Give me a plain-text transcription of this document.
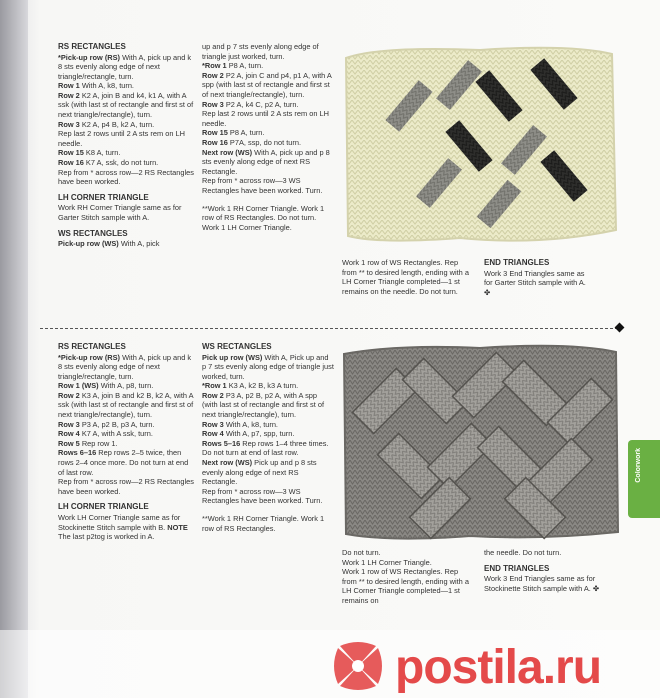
RS RECTANGLES

*Pick-up row (RS) With A, pick up and k 8 sts evenly along edge of next triangle/rectangle, turn.

Row 1 With A, k8, turn.

Row 2 K2 A, join B and k4, k1 A, with A ssk (with last st of rectangle and first st of next triangle/rectangle), turn.

Row 3 K2 A, p4 B, k2 A, turn.

Rep last 2 rows until 2 A sts rem on LH needle.

Row 15 K8 A, turn.

Row 16 K7 A, ssk, do not turn.

Rep from * across row—2 RS Rectangles have been worked.

LH CORNER TRIANGLE

Work RH Corner Triangle same as for Garter Stitch sample with A.

WS RECTANGLES

Pick-up row (WS) With A, pick

up and p 7 sts evenly along edge of triangle just worked, turn.

*Row 1 P8 A, turn.

Row 2 P2 A, join C and p4, p1 A, with A spp (with last st of rectangle and first st of next triangle/rectangle), turn.

Row 3 P2 A, k4 C, p2 A, turn.

Rep last 2 rows until 2 A sts rem on LH needle.

Row 15 P8 A, turn.

Row 16 P7A, ssp, do not turn.

Next row (WS) With A, pick up and p 8 sts evenly along edge of next RS Rectangle.

Rep from * across row—3 WS Rectangles have been worked. Turn.

**Work 1 RH Corner Triangle. Work 1 row of RS Rectangles. Do not turn.

Work 1 LH Corner Triangle.

Work 1 row of WS Rectangles. Rep from ** to desired length, ending with a LH Corner Triangle completed—1 st remains on the needle. Do not turn.

END TRIANGLES

Work 3 End Triangles same as for Garter Stitch sample with A. ✤

RS RECTANGLES

*Pick-up row (RS) With A, pick up and k 8 sts evenly along edge of next triangle/rectangle, turn.

Row 1 (WS) With A, p8, turn.

Row 2 K3 A, join B and k2 B, k2 A, with A ssk (with last st of rectangle and first st of next triangle/rectangle), turn.

Row 3 P3 A, p2 B, p3 A, turn.

Row 4 K7 A, with A ssk, turn.

Row 5 Rep row 1.

Rows 6–16 Rep rows 2–5 twice, then rows 2–4 once more. Do not turn at end of last row.

Rep from * across row—2 RS Rectangles have been worked.

LH CORNER TRIANGLE

Work LH Corner Triangle same as for Stockinette Stitch sample with B. NOTE The last p2tog is worked in A.

WS RECTANGLES

Pick up row (WS) With A, Pick up and p 7 sts evenly along edge of triangle just worked, turn.

*Row 1 K3 A, k2 B, k3 A turn.

Row 2 P3 A, p2 B, p2 A, with A spp (with last st of rectangle and first st of next triangle/rectangle), turn.

Row 3 With A, k8, turn.

Row 4 With A, p7, spp, turn.

Rows 5–16 Rep rows 1–4 three times. Do not turn at end of last row.

Next row (WS) Pick up and p 8 sts evenly along edge of next RS Rectangle.

Rep from * across row—3 WS Rectangles have been worked. Turn.

**Work 1 RH Corner Triangle. Work 1 row of RS Rectangles.

Do not turn.

Work 1 LH Corner Triangle.

Work 1 row of WS Rectangles. Rep from ** to desired length, ending with a LH Corner Triangle completed—1 st remains on

the needle. Do not turn.

END TRIANGLES

Work 3 End Triangles same as for Stockinette Stitch sample with A. ✤

Colorwork
postila.ru
